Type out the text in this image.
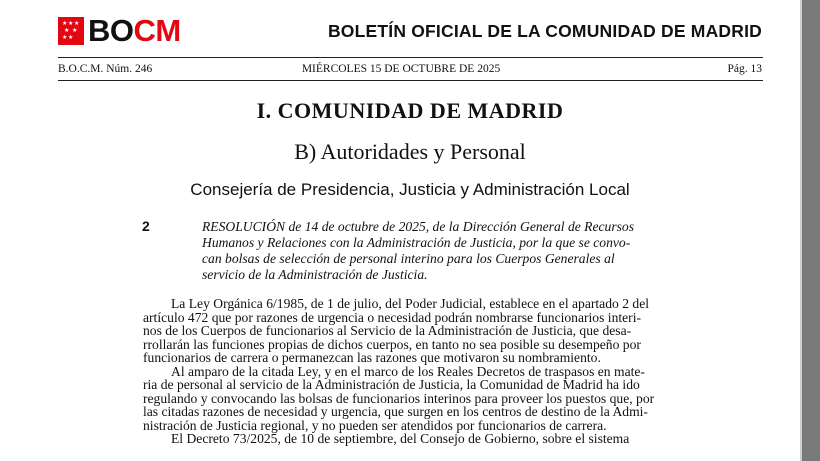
★ ★ ★
★ ★
★ ★ BOCM	BOLETÍN OFICIAL DE LA COMUNIDAD DE MADRID
B.O.C.M. Núm. 246	MIÉRCOLES 15 DE OCTUBRE DE 2025	Pág. 13
I. COMUNIDAD DE MADRID
B) Autoridades y Personal
Consejería de Presidencia, Justicia y Administración Local
2	RESOLUCIÓN de 14 de octubre de 2025, de la Dirección General de Recursos
Humanos y Relaciones con la Administración de Justicia, por la que se convo-
can bolsas de selección de personal interino para los Cuerpos Generales al
servicio de la Administración de Justicia.
La Ley Orgánica 6/1985, de 1 de julio, del Poder Judicial, establece en el apartado 2 del
artículo 472 que por razones de urgencia o necesidad podrán nombrarse funcionarios interi-
nos de los Cuerpos de funcionarios al Servicio de la Administración de Justicia, que desa-
rrollarán las funciones propias de dichos cuerpos, en tanto no sea posible su desempeño por
funcionarios de carrera o permanezcan las razones que motivaron su nombramiento.
Al amparo de la citada Ley, y en el marco de los Reales Decretos de traspasos en mate-
ria de personal al servicio de la Administración de Justicia, la Comunidad de Madrid ha ido
regulando y convocando las bolsas de funcionarios interinos para proveer los puestos que, por
las citadas razones de necesidad y urgencia, que surgen en los centros de destino de la Admi-
nistración de Justicia regional, y no pueden ser atendidos por funcionarios de carrera.
El Decreto 73/2025, de 10 de septiembre, del Consejo de Gobierno, sobre el sistema
